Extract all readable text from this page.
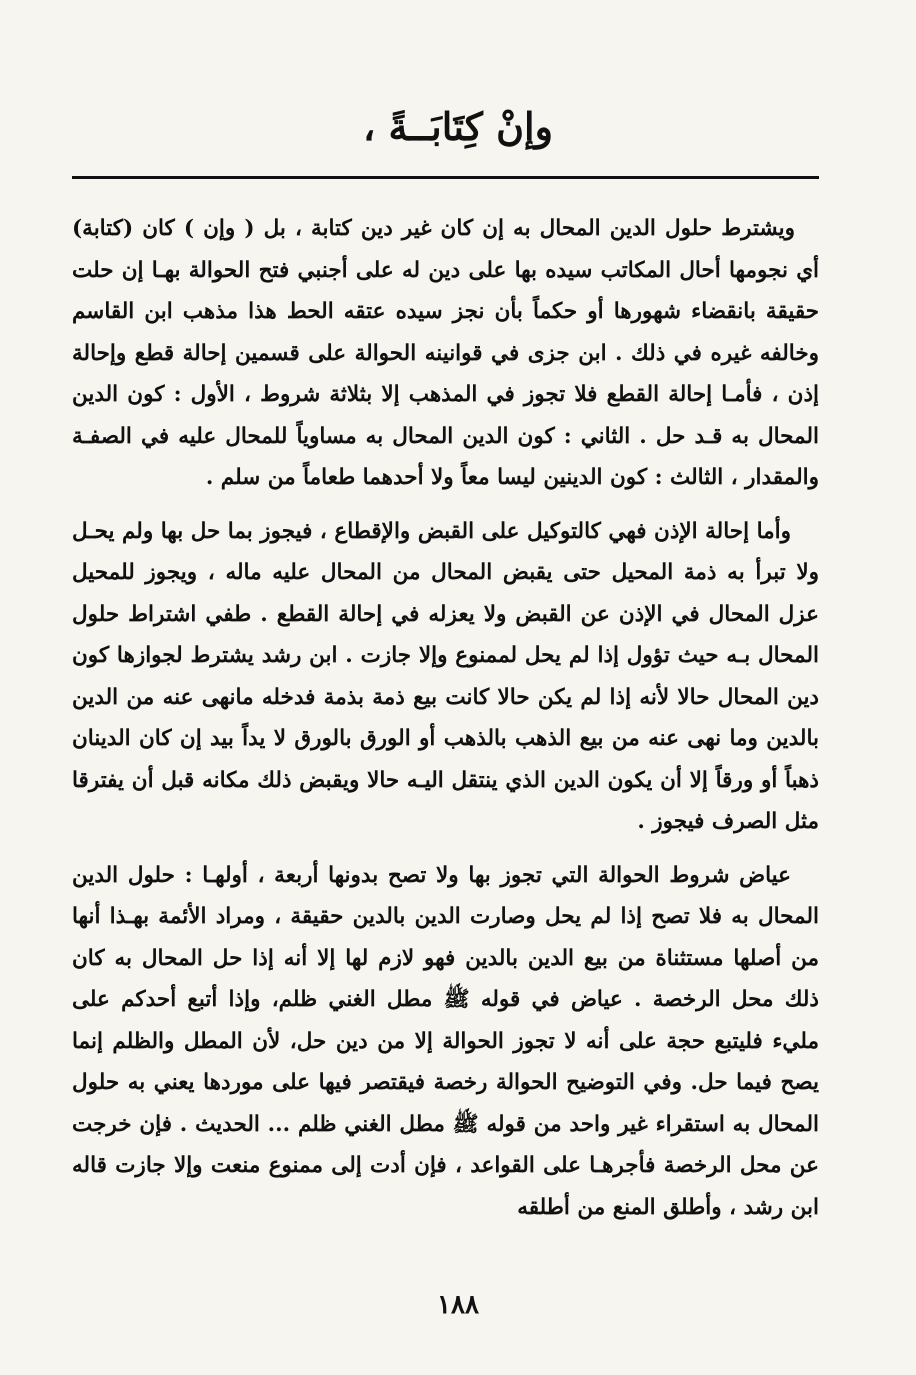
وإنْ كِتَابَــةً ،

ويشترط حلول الدين المحال به إن كان غير دين كتابة ، بل ( وإن ) كان (كتابة) أي نجومها أحال المكاتب سيده بها على دين له على أجنبي فتح الحوالة بهـا إن حلت حقيقة بانقضاء شهورها أو حكماً بأن نجز سيده عتقه الحط هذا مذهب ابن القاسم وخالفه غيره في ذلك . ابن جزى في قوانينه الحوالة على قسمين إحالة قطع وإحالة إذن ، فأمـا إحالة القطع فلا تجوز في المذهب إلا بثلاثة شروط ، الأول : كون الدين المحال به قـد حل . الثاني : كون الدين المحال به مساوياً للمحال عليه في الصفـة والمقدار ، الثالث : كون الدينين ليسا معاً ولا أحدهما طعاماً من سلم .

وأما إحالة الإذن فهي كالتوكيل على القبض والإقطاع ، فيجوز بما حل بها ولم يحـل ولا تبرأ به ذمة المحيل حتى يقبض المحال من المحال عليه ماله ، ويجوز للمحيل عزل المحال في الإذن عن القبض ولا يعزله في إحالة القطع . طفي اشتراط حلول المحال بـه حيث تؤول إذا لم يحل لممنوع وإلا جازت . ابن رشد يشترط لجوازها كون دين المحال حالا لأنه إذا لم يكن حالا كانت بيع ذمة بذمة فدخله مانهى عنه من الدين بالدين وما نهى عنه من بيع الذهب بالذهب أو الورق بالورق لا يداً بيد إن كان الدينان ذهباً أو ورقاً إلا أن يكون الدين الذي ينتقل اليـه حالا ويقبض ذلك مكانه قبل أن يفترقا مثل الصرف فيجوز .

عياض شروط الحوالة التي تجوز بها ولا تصح بدونها أربعة ، أولهـا : حلول الدين المحال به فلا تصح إذا لم يحل وصارت الدين بالدين حقيقة ، ومراد الأئمة بهـذا أنها من أصلها مستثناة من بيع الدين بالدين فهو لازم لها إلا أنه إذا حل المحال به كان ذلك محل الرخصة . عياض في قوله ﷺ مطل الغني ظلم، وإذا أتبع أحدكم على مليء فليتبع حجة على أنه لا تجوز الحوالة إلا من دين حل، لأن المطل والظلم إنما يصح فيما حل. وفي التوضيح الحوالة رخصة فيقتصر فيها على موردها يعني به حلول المحال به استقراء غير واحد من قوله ﷺ مطل الغني ظلم ... الحديث . فإن خرجت عن محل الرخصة فأجرهـا على القواعد ، فإن أدت إلى ممنوع منعت وإلا جازت قاله ابن رشد ، وأطلق المنع من أطلقه

١٨٨
